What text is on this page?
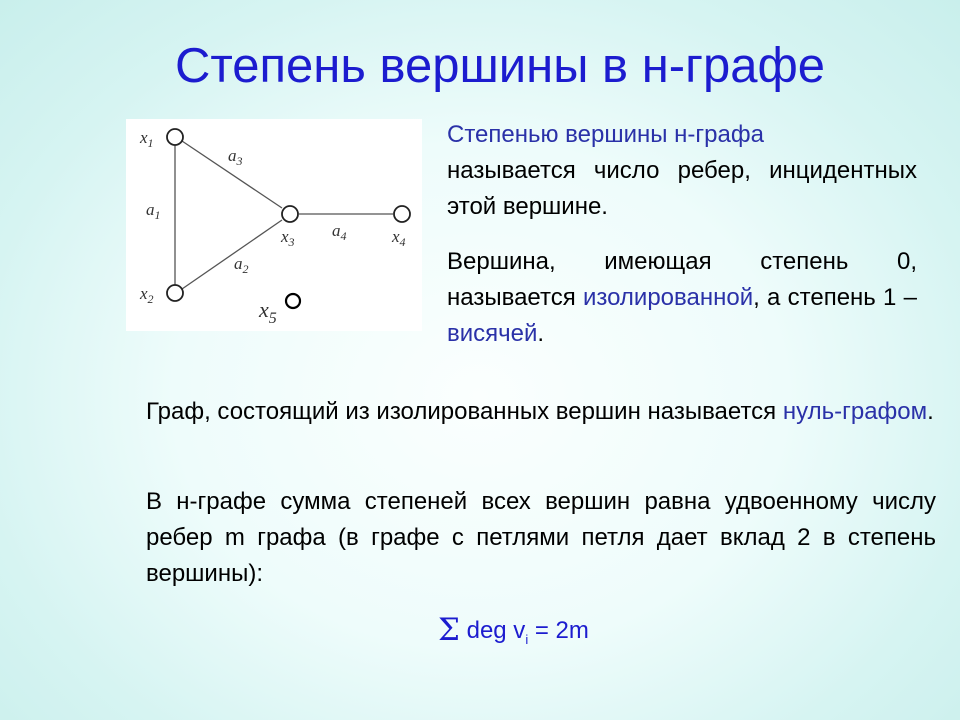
Степень вершины в н-графе
$x_1$
$x_2$
$x_3$	$x_4$
$x_5$
$a_1$
$a_2$
$a_3$
$a_4$

Степенью вершины н-графа
называется число ребер, инцидентных этой вершине.

Вершина, имеющая степень 0, называется изолированной, а степень 1 – висячей.

Граф, состоящий из изолированных вершин называется нуль-графом.

В н-графе сумма степеней всех вершин равна удвоенному числу ребер m графа (в графе с петлями петля дает вклад 2 в степень вершины):

Σ deg $v_i = 2m$
